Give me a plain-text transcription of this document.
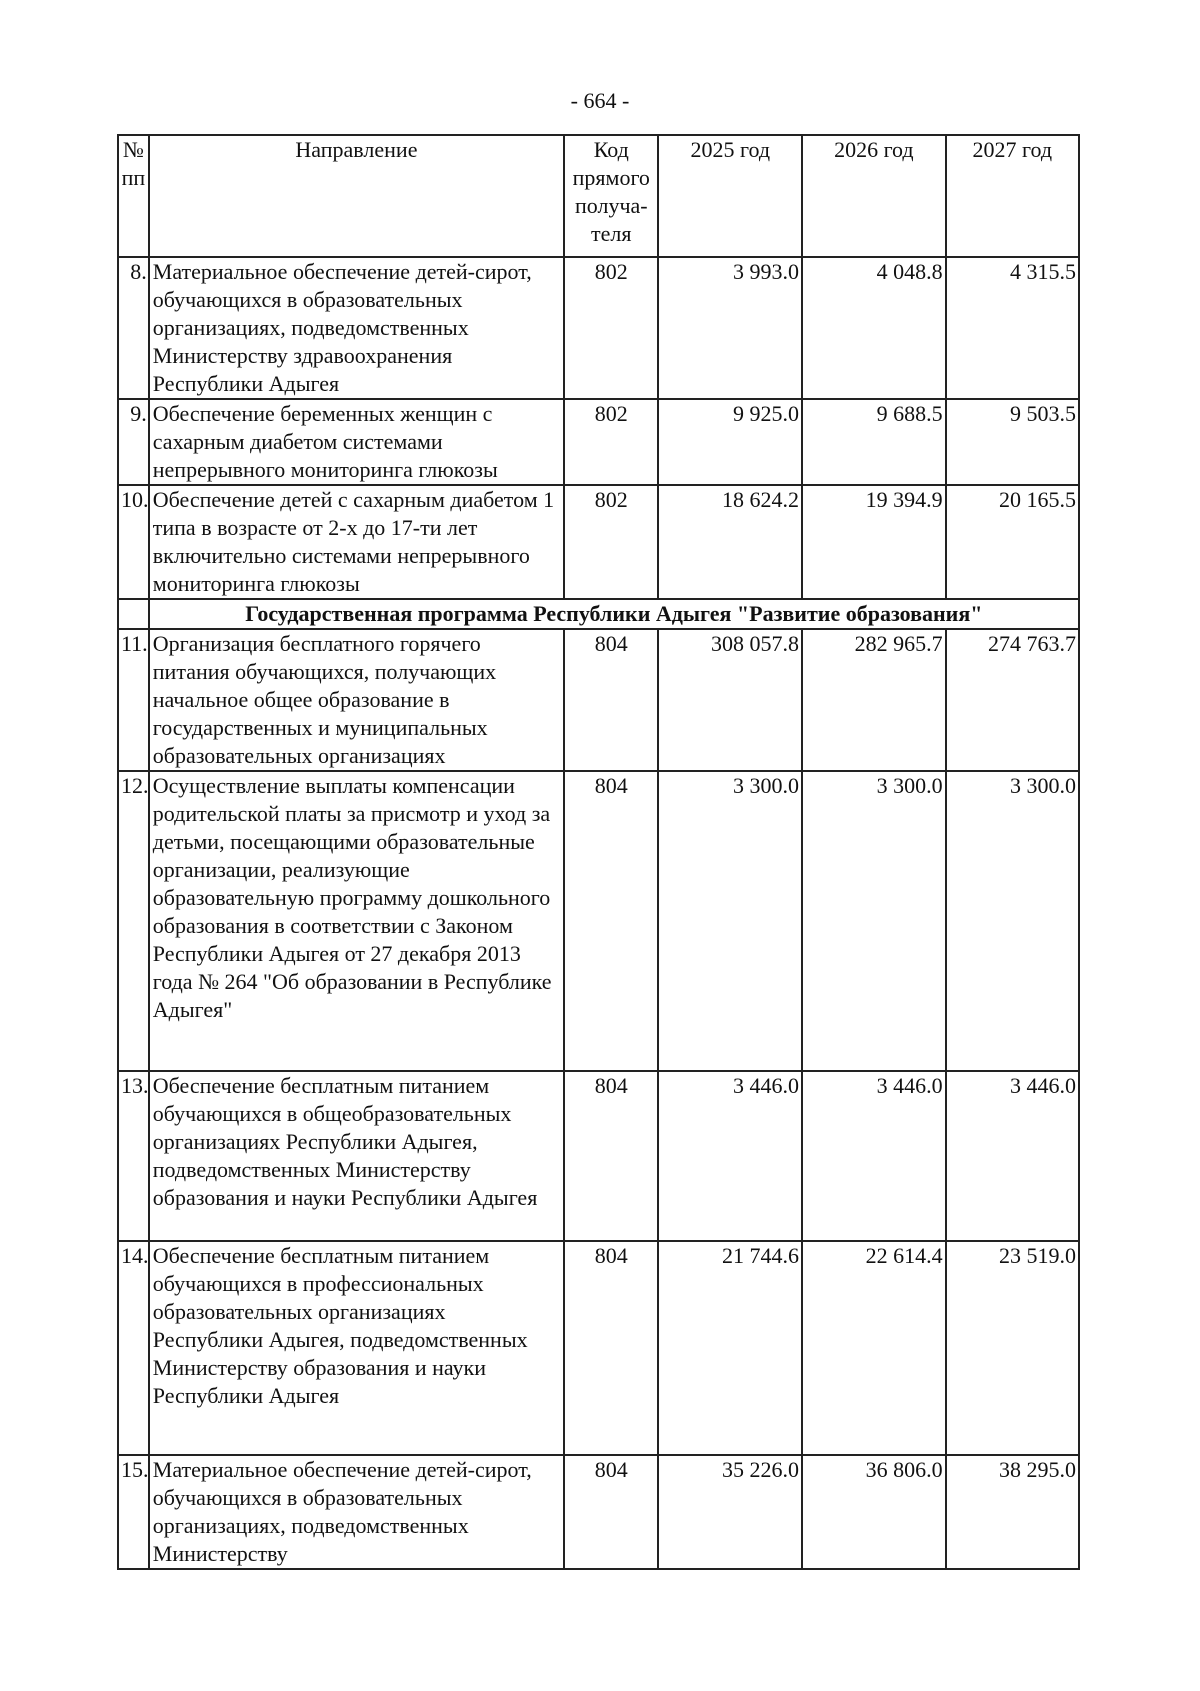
- 664 -
№ пп	Направление	Код прямого получа-теля	2025 год	2026 год	2027 год
8.	Материальное обеспечение детей-сирот, обучающихся в образовательных организациях, подведомственных Министерству здравоохранения Республики Адыгея	802	3 993.0	4 048.8	4 315.5
9.	Обеспечение беременных женщин с сахарным диабетом системами непрерывного мониторинга глюкозы	802	9 925.0	9 688.5	9 503.5
10.	Обеспечение детей с сахарным диабетом 1 типа в возрасте от 2-х до 17-ти лет включительно системами непрерывного мониторинга глюкозы	802	18 624.2	19 394.9	20 165.5
	Государственная программа Республики Адыгея "Развитие образования"				
11.	Организация бесплатного горячего питания обучающихся, получающих начальное общее образование в государственных и муниципальных образовательных организациях	804	308 057.8	282 965.7	274 763.7
12.	Осуществление выплаты компенсации родительской платы за присмотр и уход за детьми, посещающими образовательные организации, реализующие образовательную программу дошкольного образования в соответствии с Законом Республики Адыгея от 27 декабря 2013 года № 264 "Об образовании в Республике Адыгея"	804	3 300.0	3 300.0	3 300.0
13.	Обеспечение бесплатным питанием обучающихся в общеобразовательных организациях Республики Адыгея, подведомственных Министерству образования и науки Республики Адыгея	804	3 446.0	3 446.0	3 446.0
14.	Обеспечение бесплатным питанием обучающихся в профессиональных образовательных организациях Республики Адыгея, подведомственных Министерству образования и науки Республики Адыгея	804	21 744.6	22 614.4	23 519.0
15.	Материальное обеспечение детей-сирот, обучающихся в образовательных организациях, подведомственных Министерству	804	35 226.0	36 806.0	38 295.0
